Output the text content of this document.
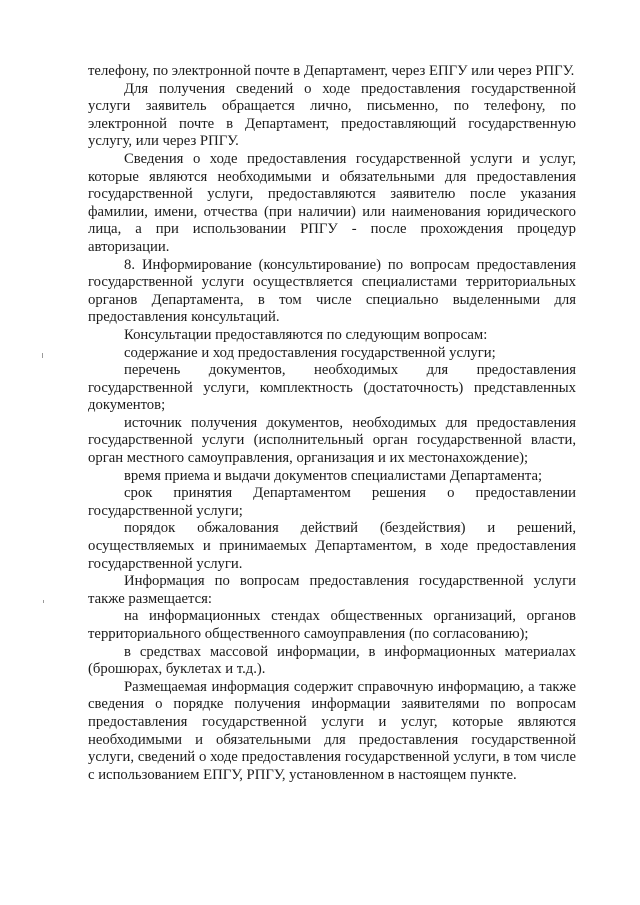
телефону, по электронной почте в Департамент, через ЕПГУ или через РПГУ.

Для получения сведений о ходе предоставления государственной услуги заявитель обращается лично, письменно, по телефону, по электронной почте в Департамент, предоставляющий государственную услугу, или через РПГУ.

Сведения о ходе предоставления государственной услуги и услуг, которые являются необходимыми и обязательными для предоставления государственной услуги, предоставляются заявителю после указания фамилии, имени, отчества (при наличии) или наименования юридического лица, а при использовании РПГУ - после прохождения процедур авторизации.

8. Информирование (консультирование) по вопросам предоставления государственной услуги осуществляется специалистами территориальных органов Департамента, в том числе специально выделенными для предоставления консультаций.

Консультации предоставляются по следующим вопросам:

содержание и ход предоставления государственной услуги;

перечень документов, необходимых для предоставления государственной услуги, комплектность (достаточность) представленных документов;

источник получения документов, необходимых для предоставления государственной услуги (исполнительный орган государственной власти, орган местного самоуправления, организация и их местонахождение);

время приема и выдачи документов специалистами Департамента;

срок принятия Департаментом решения о предоставлении государственной услуги;

порядок обжалования действий (бездействия) и решений, осуществляемых и принимаемых Департаментом, в ходе предоставления государственной услуги.

Информация по вопросам предоставления государственной услуги также размещается:

на информационных стендах общественных организаций, органов территориального общественного самоуправления (по согласованию);

в средствах массовой информации, в информационных материалах (брошюрах, буклетах и т.д.).

Размещаемая информация содержит справочную информацию, а также сведения о порядке получения информации заявителями по вопросам предоставления государственной услуги и услуг, которые являются необходимыми и обязательными для предоставления государственной услуги, сведений о ходе предоставления государственной услуги, в том числе с использованием ЕПГУ, РПГУ, установленном в настоящем пункте.
